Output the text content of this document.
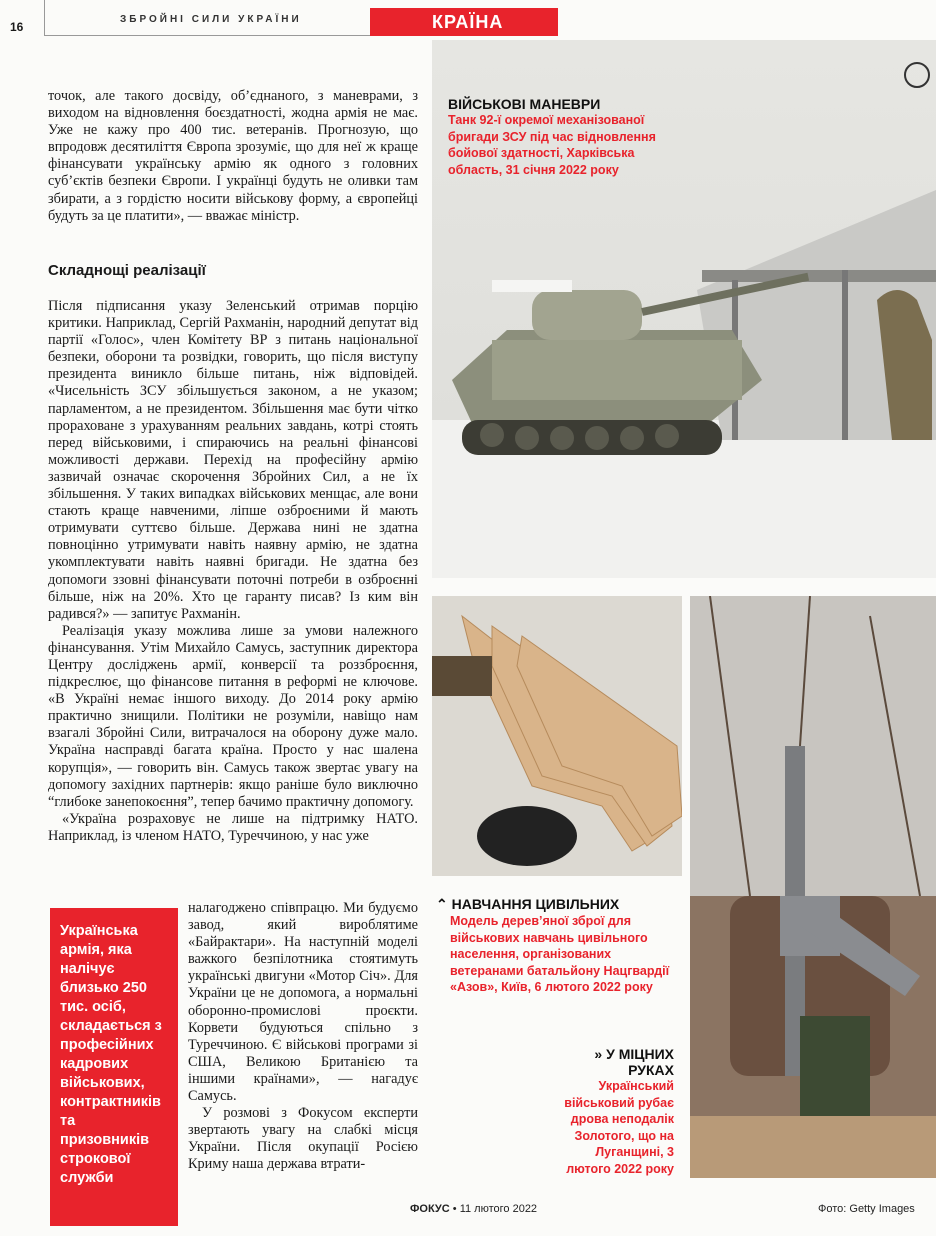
16
ЗБРОЙНІ СИЛИ УКРАЇНИ	КРАЇНА

точок, але такого досвіду, об’єднаного, з маневрами, з виходом на відновлення боєздатності, жодна армія не має. Уже не кажу про 400 тис. ветеранів. Прогнозую, що впродовж десятиліття Європа зрозуміє, що для неї ж краще фінансувати українську армію як одного з головних суб’єктів безпеки Європи. І українці будуть не оливки там збирати, а з гордістю носити військову форму, а європейці будуть за це платити», — вважає міністр.

Складнощі реалізації

Після підписання указу Зеленський отримав порцію критики. Наприклад, Сергій Рахманін, народний депутат від партії «Голос», член Комітету ВР з питань національної безпеки, оборони та розвідки, говорить, що після виступу президента виникло більше питань, ніж відповідей. «Чисельність ЗСУ збільшується законом, а не указом; парламентом, а не президентом. Збільшення має бути чітко прораховане з урахуванням реальних завдань, котрі стоять перед військовими, і спираючись на реальні фінансові можливості держави. Перехід на професійну армію зазвичай означає скорочення Збройних Сил, а не їх збільшення. У таких випадках військових менщає, але вони стають краще навченими, ліпше озброєними й мають отримувати суттєво більше. Держава нині не здатна повноцінно утримувати навіть наявну армію, не здатна укомплектувати навіть наявні бригади. Не здатна без допомоги ззовні фінансувати поточні потреби в озброєнні більше, ніж на 20%. Хто це гаранту писав? Із ким він радився?» — запитує Рахманін.

Реалізація указу можлива лише за умови належного фінансування. Утім Михайло Самусь, заступник директора Центру досліджень армії, конверсії та роззброєння, підкреслює, що фінансове питання в реформі не ключове. «В Україні немає іншого виходу. До 2014 року армію практично знищили. Політики не розуміли, навіщо нам взагалі Збройні Сили, витрачалося на оборону дуже мало. Україна насправді багата країна. Просто у нас шалена корупція», — говорить він. Самусь також звертає увагу на допомогу західних партнерів: якщо раніше було виключно “глибоке занепокоєння”, тепер бачимо практичну допомогу.

«Україна розраховує не лише на підтримку НАТО. Наприклад, із членом НАТО, Туреччиною, у нас уже

налагоджено співпрацю. Ми будуємо завод, який вироблятиме «Байрактари». На наступній моделі важкого безпілотника стоятимуть українські двигуни «Мотор Січ». Для України це не допомога, а нормальні оборонно-промислові проєкти. Корвети будуються спільно з Туреччиною. Є військові програми зі США, Великою Британією та іншими країнами», — нагадує Самусь.

У розмові з Фокусом експерти звертають увагу на слабкі місця України. Після окупації Росією Криму наша держава втрати-

Українська армія, яка налічує близько 250 тис. осіб, складається з професійних кадрових військових, контрактників та призовників строкової служби
ВІЙСЬКОВІ МАНЕВРИ
Танк 92-ї окремої механізованої бригади ЗСУ під час відновлення бойової здатності, Харківська область, 31 січня 2022 року
⌃ НАВЧАННЯ ЦИВІЛЬНИХ
Модель дерев’яної зброї для військових навчань цивільного населення, організованих ветеранами батальйону Нацгвардії «Азов», Київ, 6 лютого 2022 року
» У МІЦНИХ РУКАХ
Український військовий рубає дрова неподалік Золотого, що на Луганщині, 3 лютого 2022 року
ФОКУС • 11 лютого 2022	Фото: Getty Images
